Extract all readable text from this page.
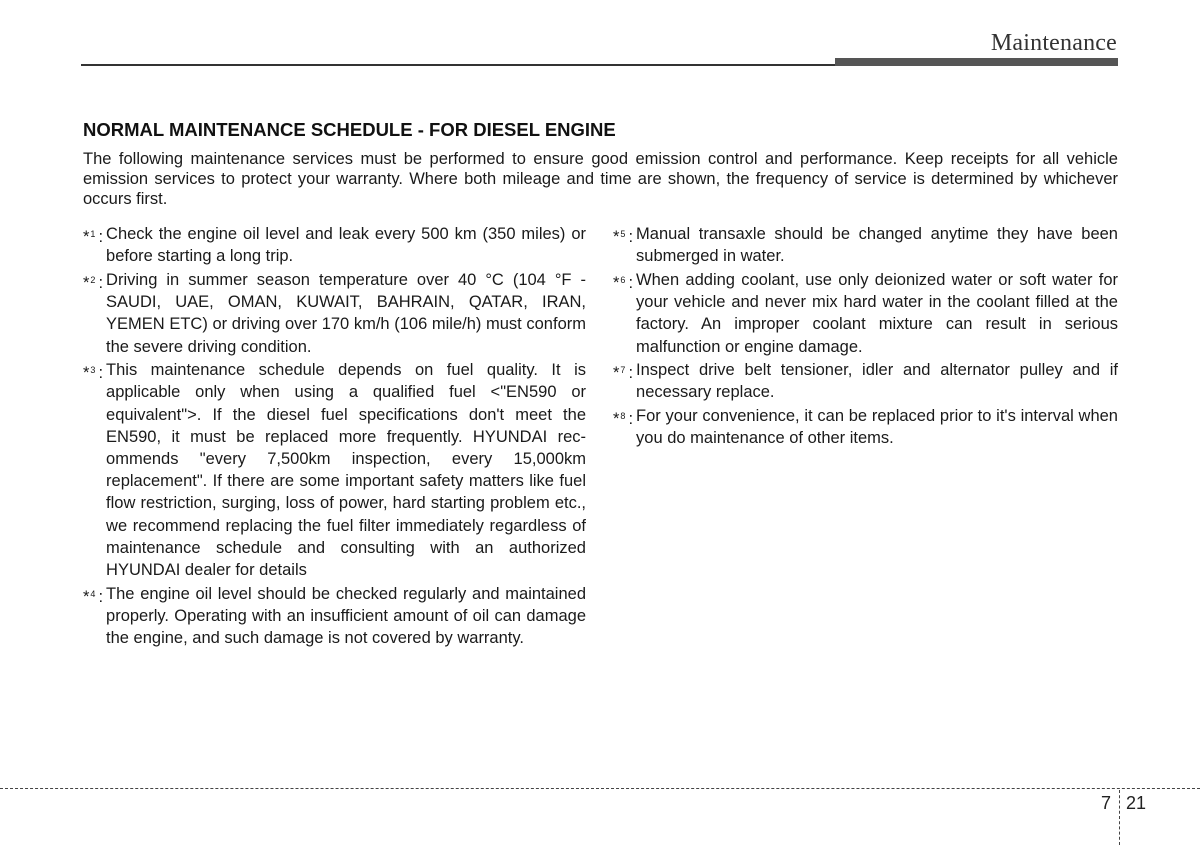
Maintenance
NORMAL MAINTENANCE SCHEDULE - FOR DIESEL ENGINE

The following maintenance services must be performed to ensure good emission control and performance. Keep receipts for all vehicle emission services to protect your warranty. Where both mileage and time are shown, the frequency of service is determined by whichever occurs first.

*$^1$ : Check the engine oil level and leak every 500 km (350 miles) or before starting a long trip.
*$^2$ : Driving in summer season temperature over 40 °C (104 °F - SAUDI, UAE, OMAN, KUWAIT, BAHRAIN, QATAR, IRAN, YEMEN ETC) or driving over 170 km/h (106 mile/h) must conform the severe driving condition.
*$^3$ : This maintenance schedule depends on fuel quality. It is applicable only when using a qualified fuel <"EN590 or equivalent">. If the diesel fuel specifications don't meet the EN590, it must be replaced more frequently. HYUNDAI recommends "every 7,500km inspection, every 15,000km replacement". If there are some important safety matters like fuel flow restriction, surging, loss of power, hard starting problem etc., we recommend replacing the fuel filter immediately regardless of maintenance schedule and consulting with an authorized HYUNDAI dealer for details
*$^4$ : The engine oil level should be checked regularly and maintained properly. Operating with an insufficient amount of oil can damage the engine, and such damage is not covered by warranty.
*$^5$ : Manual transaxle should be changed anytime they have been submerged in water.
*$^6$ : When adding coolant, use only deionized water or soft water for your vehicle and never mix hard water in the coolant filled at the factory. An improper coolant mixture can result in serious malfunction or engine damage.
*$^7$ : Inspect drive belt tensioner, idler and alternator pulley and if necessary replace.
*$^8$ : For your convenience, it can be replaced prior to it's interval when you do maintenance of other items.
7 21
